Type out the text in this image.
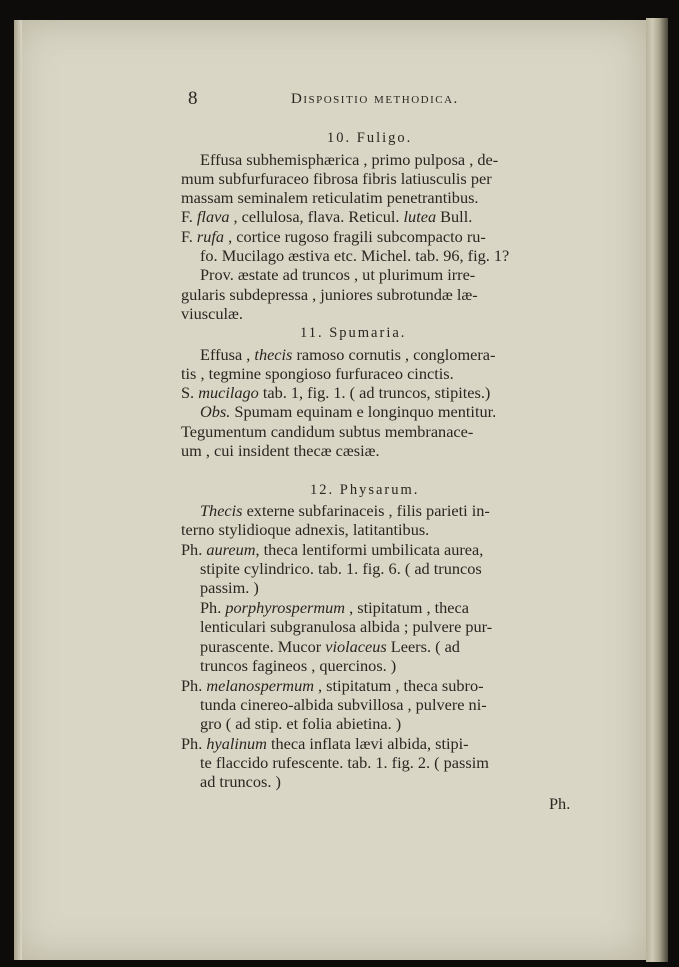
8	Dispositio methodica.
10. Fuligo.
Effusa subhemisphærica , primo pulposa , de-
mum subfurfuraceo fibrosa fibris latiusculis per
massam seminalem reticulatim penetrantibus.
F. flava , cellulosa, flava. Reticul. lutea Bull.
F. rufa , cortice rugoso fragili subcompacto ru-
fo. Mucilago æstiva etc. Michel. tab. 96, fig. 1?
Prov. æstate ad truncos , ut plurimum irre-
gularis subdepressa , juniores subrotundæ læ-
viusculæ.
11. Spumaria.
Effusa , thecis ramoso cornutis , conglomera-
tis , tegmine spongioso furfuraceo cinctis.
S. mucilago tab. 1, fig. 1. ( ad truncos, stipites.)
Obs. Spumam equinam e longinquo mentitur.
Tegumentum candidum subtus membranace-
um , cui insident thecæ cæsiæ.
12. Physarum.
Thecis externe subfarinaceis , filis parieti in-
terno stylidioque adnexis, latitantibus.
Ph. aureum, theca lentiformi umbilicata aurea,
stipite cylindrico. tab. 1. fig. 6. ( ad truncos
passim. )
Ph. porphyrospermum , stipitatum , theca
lenticulari subgranulosa albida ; pulvere pur-
purascente. Mucor violaceus Leers. ( ad
truncos fagineos , quercinos. )
Ph. melanospermum , stipitatum , theca subro-
tunda cinereo-albida subvillosa , pulvere ni-
gro ( ad stip. et folia abietina. )
Ph. hyalinum theca inflata lævi albida, stipi-
te flaccido rufescente. tab. 1. fig. 2. ( passim
ad truncos. )
Ph.
